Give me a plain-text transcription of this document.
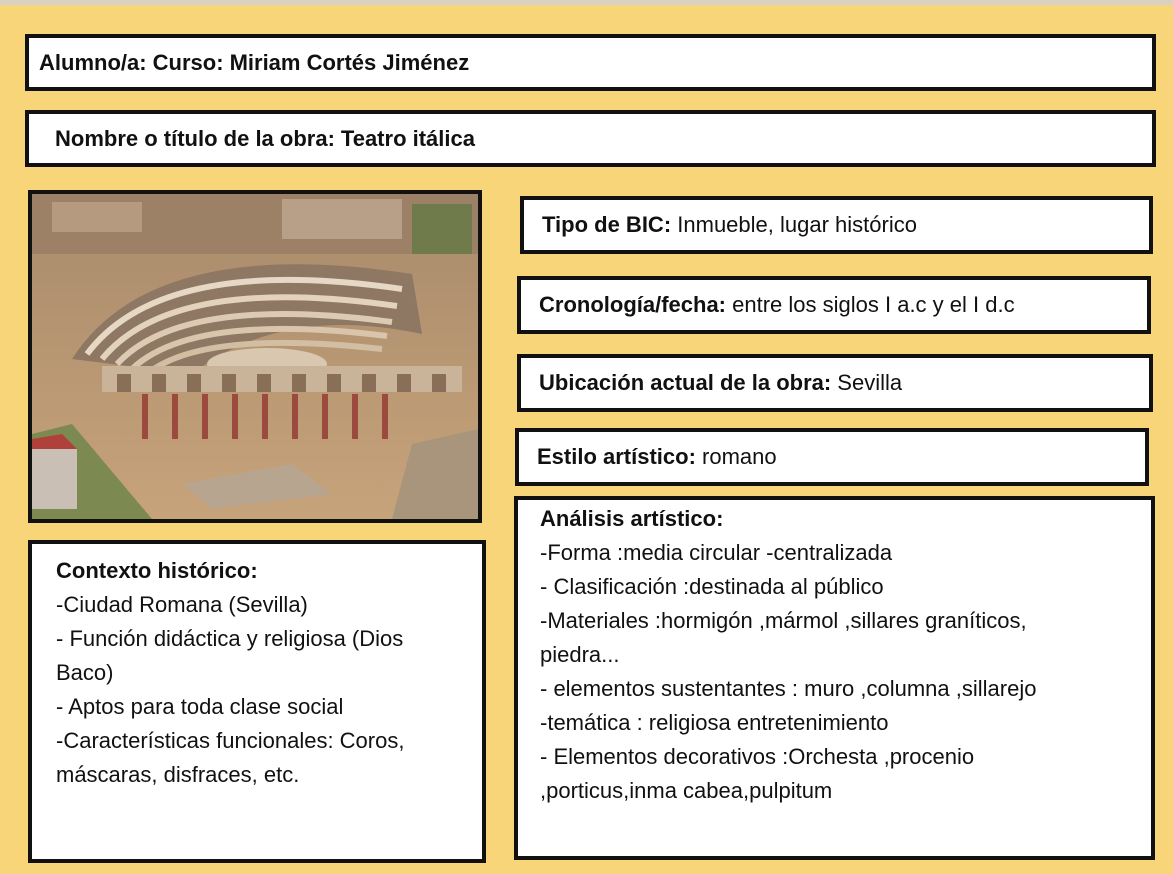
Alumno/a: Curso: Miriam Cortés Jiménez
Nombre o título de la obra: Teatro itálica
Tipo de BIC: Inmueble, lugar histórico
Cronología/fecha: entre los siglos I a.c y el I d.c
Ubicación actual de la obra: Sevilla
Estilo artístico: romano
Contexto histórico:
-Ciudad Romana (Sevilla)
- Función didáctica y religiosa (Dios
Baco)
- Aptos para toda clase social
-Características funcionales: Coros,
máscaras, disfraces, etc.
Análisis artístico:
-Forma :media circular -centralizada
- Clasificación :destinada al público
-Materiales :hormigón ,mármol ,sillares graníticos,
piedra...
- elementos sustentantes : muro ,columna ,sillarejo
-temática : religiosa entretenimiento
- Elementos decorativos :Orchesta ,procenio
,porticus,inma cabea,pulpitum
